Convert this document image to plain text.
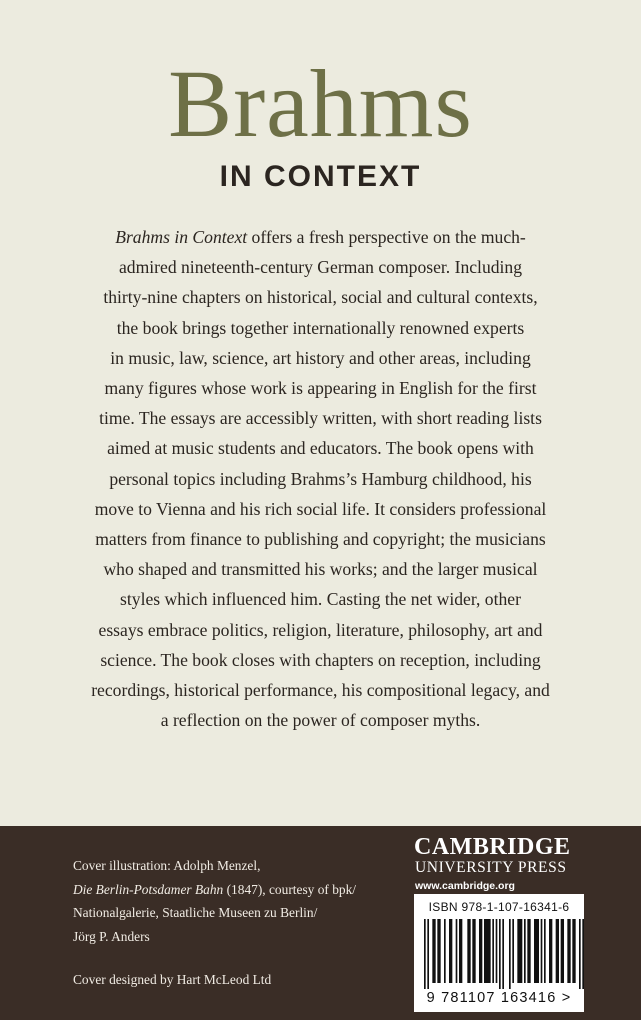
Brahms
IN CONTEXT
Brahms in Context offers a fresh perspective on the much-
admired nineteenth-century German composer. Including
thirty-nine chapters on historical, social and cultural contexts,
the book brings together internationally renowned experts
in music, law, science, art history and other areas, including
many figures whose work is appearing in English for the first
time. The essays are accessibly written, with short reading lists
aimed at music students and educators. The book opens with
personal topics including Brahms’s Hamburg childhood, his
move to Vienna and his rich social life. It considers professional
matters from finance to publishing and copyright; the musicians
who shaped and transmitted his works; and the larger musical
styles which influenced him. Casting the net wider, other
essays embrace politics, religion, literature, philosophy, art and
science. The book closes with chapters on reception, including
recordings, historical performance, his compositional legacy, and
a reflection on the power of composer myths.
Cover illustration: Adolph Menzel,
Die Berlin-Potsdamer Bahn (1847), courtesy of bpk/
Nationalgalerie, Staatliche Museen zu Berlin/
Jörg P. Anders
Cover designed by Hart McLeod Ltd
CAMBRIDGE
UNIVERSITY PRESS
www.cambridge.org
ISBN 978-1-107-16341-6
9 781107 163416 >
